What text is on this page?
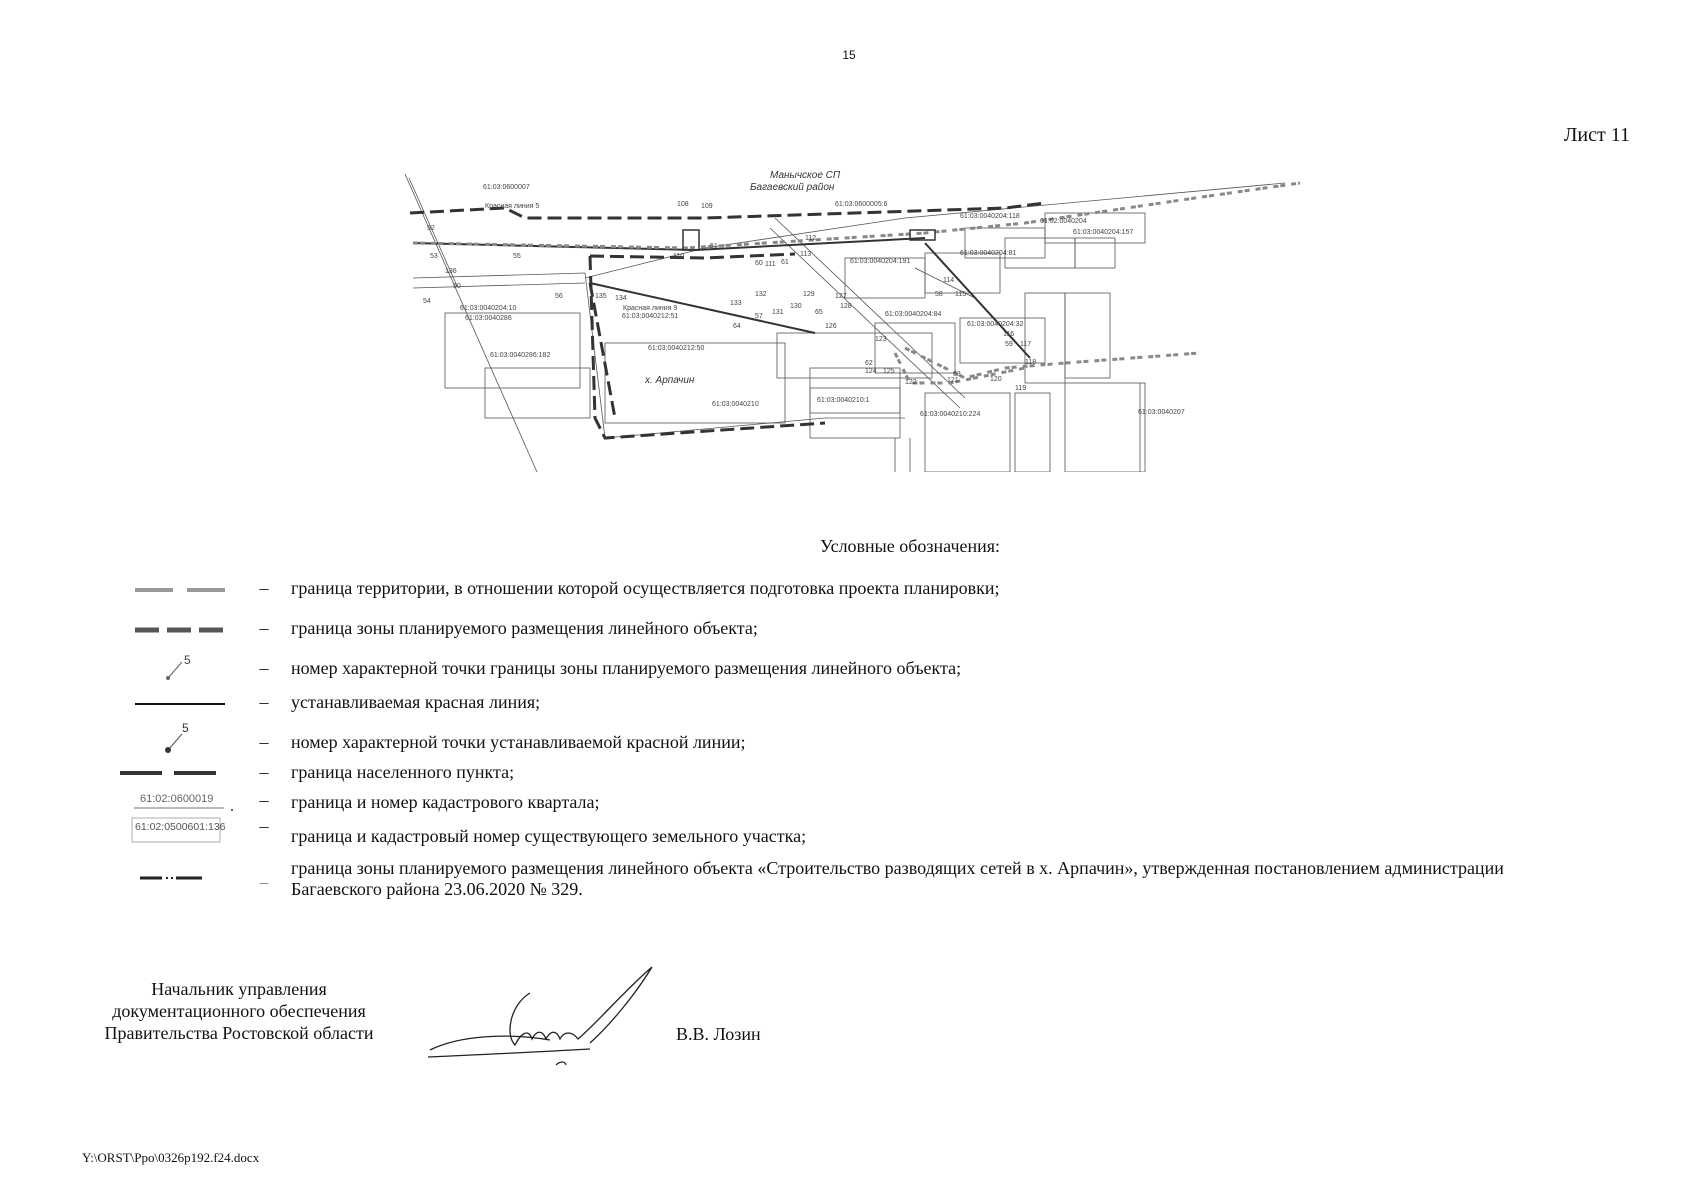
15
Лист 11
Манычское СП
Багаевский район
х. Арпачин
Красная линия 5
Красная линия 9
61:03:0600007
61:03:0600005:6
61:03:0040204:118
61:02:0040204
61:03:0040204:157
61:03:0040204:191
61:03:0040204:81
61:03:0040204:10
61:03:0040286
61:03:0040286:182
61:03:0040212:51
61:03:0040212:50
61:03:0040210
61:03:0040210:1
61:03:0040210:224
61:03:0040204:84
61:03:0040204:32
61:03:0040207
108 109
110
111
112
113
114
115
116
117
118
119
120
121
122
123
124 125
126
127
128
129
130
131
132
133
134
135
136
50
51
52
53
54
55
56
57
58
59
60	61
62
63
64
65
Условные обозначения:
– граница территории, в отношении которой осуществляется подготовка проекта планировки;
– граница зоны планируемого размещения линейного объекта;
5	– номер характерной точки границы зоны планируемого размещения линейного объекта;
– устанавливаемая красная линия;
5
– номер характерной точки устанавливаемой красной линии;
– граница населенного пункта;
61:02:0600019	– граница и номер кадастрового квартала;
61:02:0500601:136 – граница и кадастровый номер существующего земельного участка;
–
граница зоны планируемого размещения линейного объекта «Строительство разводящих сетей в х. Арпачин», утвержденная постановлением администрации Багаевского района 23.06.2020 № 329.
Начальник управления
документационного обеспечения
Правительства Ростовской области	В.В. Лозин
Y:\ORST\Ppo\0326p192.f24.docx
